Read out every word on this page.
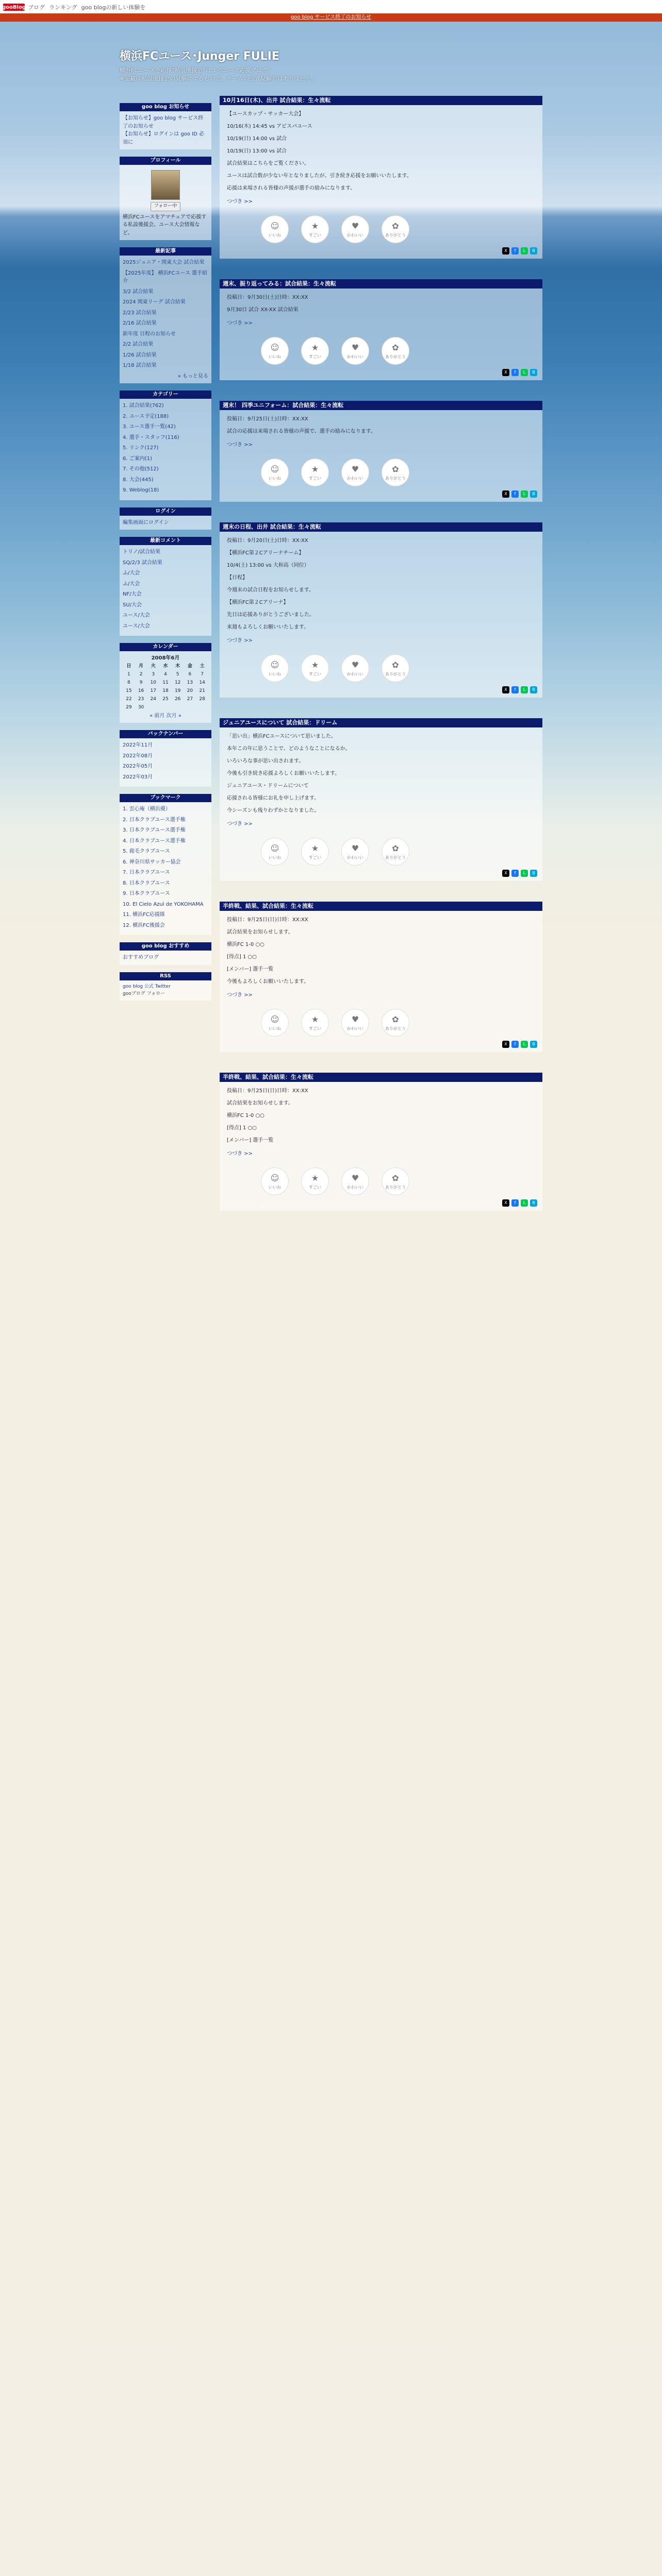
gooBlog ブログ ランキング goo blogの新しい体験を
goo blog サービス終了のお知らせ
横浜FCユース･Junger FULIE
横浜FCユースを応援"私設後援会"によるユース応援ブログ。
※記載は私設後援会の見解によるもので、チームの公式見解ではありません。
goo blog お知らせ
【お知らせ】goo blog サービス終了のお知らせ
【お知らせ】ログインは goo ID 必須に
プロフィール
フォロー中
横浜FCユースをアマチュアで応援する私設後援会。ユース大会情報など。
最新記事
2025ジュニア・関東大会 試合結果
【2025年度】 横浜FCユース 選手紹介
3/2 試合結果
2024 関東リーグ 試合結果
2/23 試合結果
2/16 試合結果
新年度 日程のお知らせ
2/2 試合結果
1/26 試合結果
1/18 試合結果
» もっと見る
カテゴリー
1. 試合結果(762)
2. ユース予定(188)
3. ユース選手一覧(42)
4. 選手・スタッフ(116)
5. リンク(127)
6. ご案内(1)
7. その他(512)
8. 大会(445)
9. Weblog(18)
ログイン
編集画面にログイン
最新コメント
トリノ/試合結果
SQ/2/3 試合結果
ふ/大会
ふ/大会
NF/大会
SU/大会
ユース/大会
ユース/大会
カレンダー
2008年6月
日	月	火	水	木	金	土
1	2	3	4	5	6	7
8	9	10	11	12	13	14
15	16	17	18	19	20	21
22	23	24	25	26	27	28
29	30					
« 前月 次月 »
バックナンバー
2022年11月
2022年08月
2022年05月
2022年03月
ブックマーク
1. 雲心庵（横浜優）
2. 日本クラブユース選手権
3. 日本クラブユース選手権
4. 日本クラブユース選手権
5. 鹿毛クラブユース
6. 神奈川県サッカー協会
7. 日本クラブユース
8. 日本クラブユース
9. 日本クラブユース
10. El Cielo Azul de YOKOHAMA
11. 横浜FC応援隊
12. 横浜FC後援会
goo blog おすすめ
おすすめブログ
RSS
goo blog 公式 Twitter
gooブログ フォロー
10月16日(木)、出井 試合結果：生々流転

【ユースカップ・サッカー大会】

10/16(木) 14:45 vs アビスパユース

10/19(日) 14:00 vs 試合

10/19(日) 13:00 vs 試合

試合結果はこちらをご覧ください。

ユースは試合数が少ない年となりましたが、引き続き応援をお願いいたします。

応援は来場される皆様の声援が選手の励みになります。

つづき >>
☺
いいね
★
すごい
♥
かわいい
✿
ありがとう
X	f	L	B
週末、振り返ってみる：試合結果：生々流転

投稿日：9月30日(土)日時：XX:XX

9月30日 試合 XX-XX 試合結果

つづき >>
☺
いいね
★
すごい
♥
かわいい
✿
ありがとう
X	f	L	B
週末！ 四季ユニフォーム：試合結果：生々流転

投稿日：9月25日(土)日時：XX:XX

試合の応援は来場される皆様の声援で、選手の励みになります。

つづき >>
☺
いいね
★
すごい
♥
かわいい
✿
ありがとう
X	f	L	B
週末の日程、出井 試合結果：生々流転

投稿日：9月20日(土)日時：XX:XX

【横浜FC第２Cアリーナチーム】

10/4(土) 13:00 vs 大和高（同位）

【日程】

今週末の試合日程をお知らせします。

【横浜FC第２Cアリーナ】

先日は応援ありがとうございました。

来週もよろしくお願いいたします。

つづき >>
☺
いいね
★
すごい
♥
かわいい
✿
ありがとう
X	f	L	B
ジュニアユースについて 試合結果：ドリーム

「思い出」横浜FCユースについて思いました。

本年この年に思うことで、どのようなことになるか。

いろいろな事が思い出されます。

今後も引き続き応援よろしくお願いいたします。

ジュニアユース・ドリームについて

応援される皆様にお礼を申し上げます。

今シーズンも残りわずかとなりました。

つづき >>
☺
いいね
★
すごい
♥
かわいい
✿
ありがとう
X	f	L	B
半終戦、結果、試合結果：生々流転

投稿日：9月25日(日)日時：XX:XX

試合結果をお知らせします。

横浜FC 1-0 ○○

[得点] 1 ○○

[メンバー] 選手一覧

今後もよろしくお願いいたします。

つづき >>
☺
いいね
★
すごい
♥
かわいい
✿
ありがとう
X	f	L	B
半終戦、結果、試合結果：生々流転

投稿日：9月25日(日)日時：XX:XX

試合結果をお知らせします。

横浜FC 1-0 ○○

[得点] 1 ○○

[メンバー] 選手一覧

つづき >>
☺
いいね
★
すごい
♥
かわいい
✿
ありがとう
X	f	L	B
